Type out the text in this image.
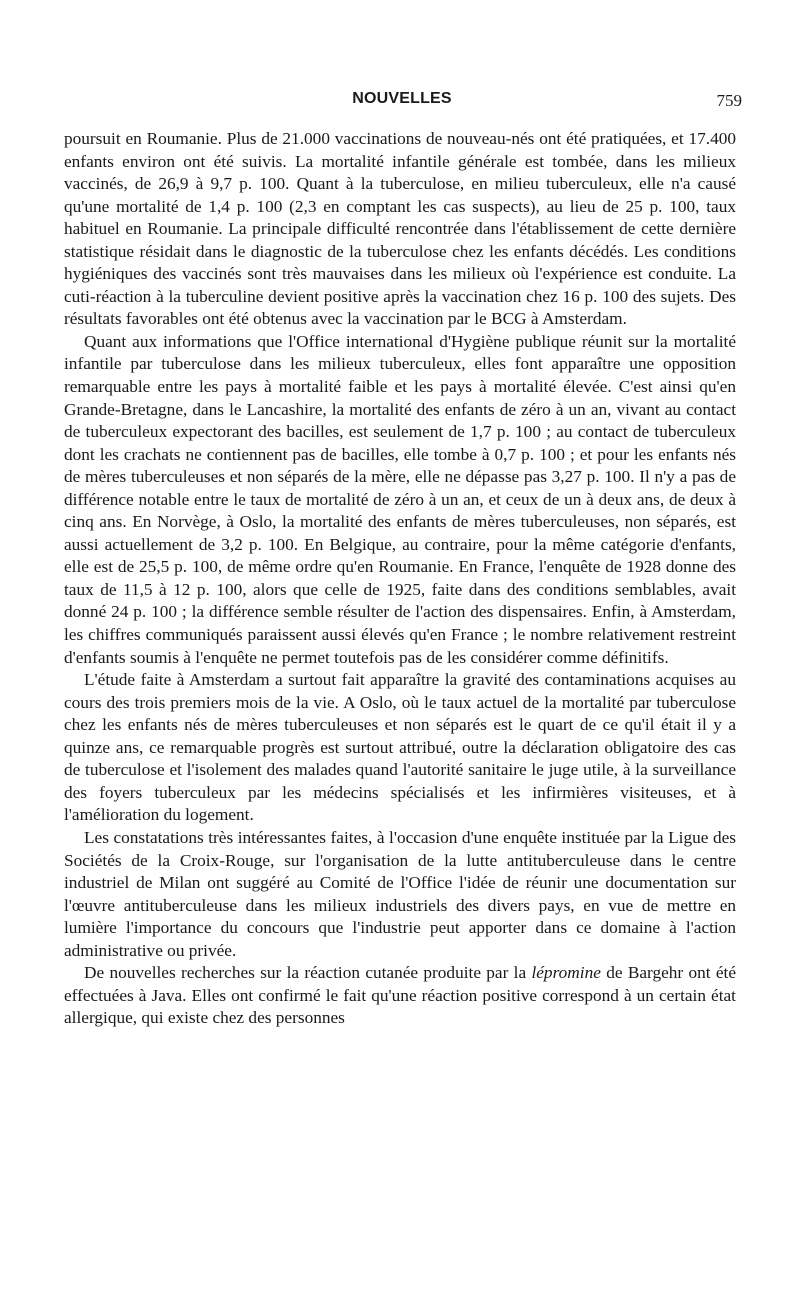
NOUVELLES	759

poursuit en Roumanie. Plus de 21.000 vaccinations de nouveau-nés ont été pratiquées, et 17.400 enfants environ ont été suivis. La mortalité infantile générale est tombée, dans les milieux vaccinés, de 26,9 à 9,7 p. 100. Quant à la tuberculose, en milieu tuberculeux, elle n'a causé qu'une mortalité de 1,4 p. 100 (2,3 en comptant les cas suspects), au lieu de 25 p. 100, taux habituel en Roumanie. La principale difficulté rencontrée dans l'établissement de cette dernière statistique résidait dans le diagnostic de la tuberculose chez les enfants décédés. Les conditions hygiéniques des vaccinés sont très mauvaises dans les milieux où l'expérience est conduite. La cuti-réaction à la tuberculine devient positive après la vaccination chez 16 p. 100 des sujets. Des résultats favorables ont été obtenus avec la vaccination par le BCG à Amsterdam.

Quant aux informations que l'Office international d'Hygiène publique réunit sur la mortalité infantile par tuberculose dans les milieux tuberculeux, elles font apparaître une opposition remarquable entre les pays à mortalité faible et les pays à mortalité élevée. C'est ainsi qu'en Grande-Bretagne, dans le Lancashire, la mortalité des enfants de zéro à un an, vivant au contact de tuberculeux expectorant des bacilles, est seulement de 1,7 p. 100 ; au contact de tuberculeux dont les crachats ne contiennent pas de bacilles, elle tombe à 0,7 p. 100 ; et pour les enfants nés de mères tuberculeuses et non séparés de la mère, elle ne dépasse pas 3,27 p. 100. Il n'y a pas de différence notable entre le taux de mortalité de zéro à un an, et ceux de un à deux ans, de deux à cinq ans. En Norvège, à Oslo, la mortalité des enfants de mères tuberculeuses, non séparés, est aussi actuellement de 3,2 p. 100. En Belgique, au contraire, pour la même catégorie d'enfants, elle est de 25,5 p. 100, de même ordre qu'en Roumanie. En France, l'enquête de 1928 donne des taux de 11,5 à 12 p. 100, alors que celle de 1925, faite dans des conditions semblables, avait donné 24 p. 100 ; la différence semble résulter de l'action des dispensaires. Enfin, à Amsterdam, les chiffres communiqués paraissent aussi élevés qu'en France ; le nombre relativement restreint d'enfants soumis à l'enquête ne permet toutefois pas de les considérer comme définitifs.

L'étude faite à Amsterdam a surtout fait apparaître la gravité des contaminations acquises au cours des trois premiers mois de la vie. A Oslo, où le taux actuel de la mortalité par tuberculose chez les enfants nés de mères tuberculeuses et non séparés est le quart de ce qu'il était il y a quinze ans, ce remarquable progrès est surtout attribué, outre la déclaration obligatoire des cas de tuberculose et l'isolement des malades quand l'autorité sanitaire le juge utile, à la surveillance des foyers tuberculeux par les médecins spécialisés et les infirmières visiteuses, et à l'amélioration du logement.

Les constatations très intéressantes faites, à l'occasion d'une enquête instituée par la Ligue des Sociétés de la Croix-Rouge, sur l'organisation de la lutte antituberculeuse dans le centre industriel de Milan ont suggéré au Comité de l'Office l'idée de réunir une documentation sur l'œuvre antituberculeuse dans les milieux industriels des divers pays, en vue de mettre en lumière l'importance du concours que l'industrie peut apporter dans ce domaine à l'action administrative ou privée.

De nouvelles recherches sur la réaction cutanée produite par la lépromine de Bargehr ont été effectuées à Java. Elles ont confirmé le fait qu'une réaction positive correspond à un certain état allergique, qui existe chez des personnes
